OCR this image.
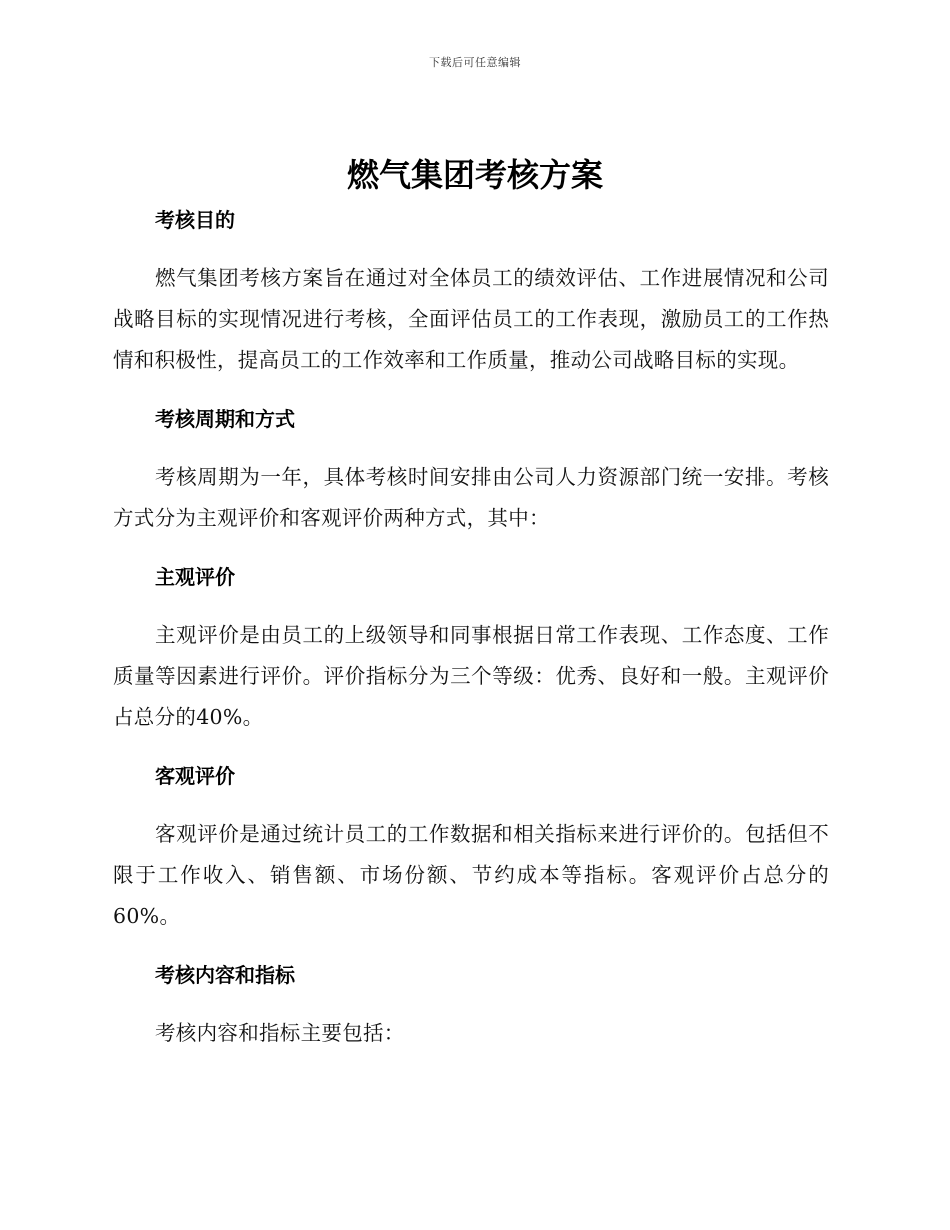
下载后可任意编辑
燃气集团考核方案
考核目的

燃气集团考核方案旨在通过对全体员工的绩效评估、工作进展情况和公司战略目标的实现情况进行考核，全面评估员工的工作表现，激励员工的工作热情和积极性，提高员工的工作效率和工作质量，推动公司战略目标的实现。

考核周期和方式

考核周期为一年，具体考核时间安排由公司人力资源部门统一安排。考核方式分为主观评价和客观评价两种方式，其中：

主观评价

主观评价是由员工的上级领导和同事根据日常工作表现、工作态度、工作质量等因素进行评价。评价指标分为三个等级：优秀、良好和一般。主观评价占总分的40%。

客观评价

客观评价是通过统计员工的工作数据和相关指标来进行评价的。包括但不限于工作收入、销售额、市场份额、节约成本等指标。客观评价占总分的60%。

考核内容和指标

考核内容和指标主要包括：
